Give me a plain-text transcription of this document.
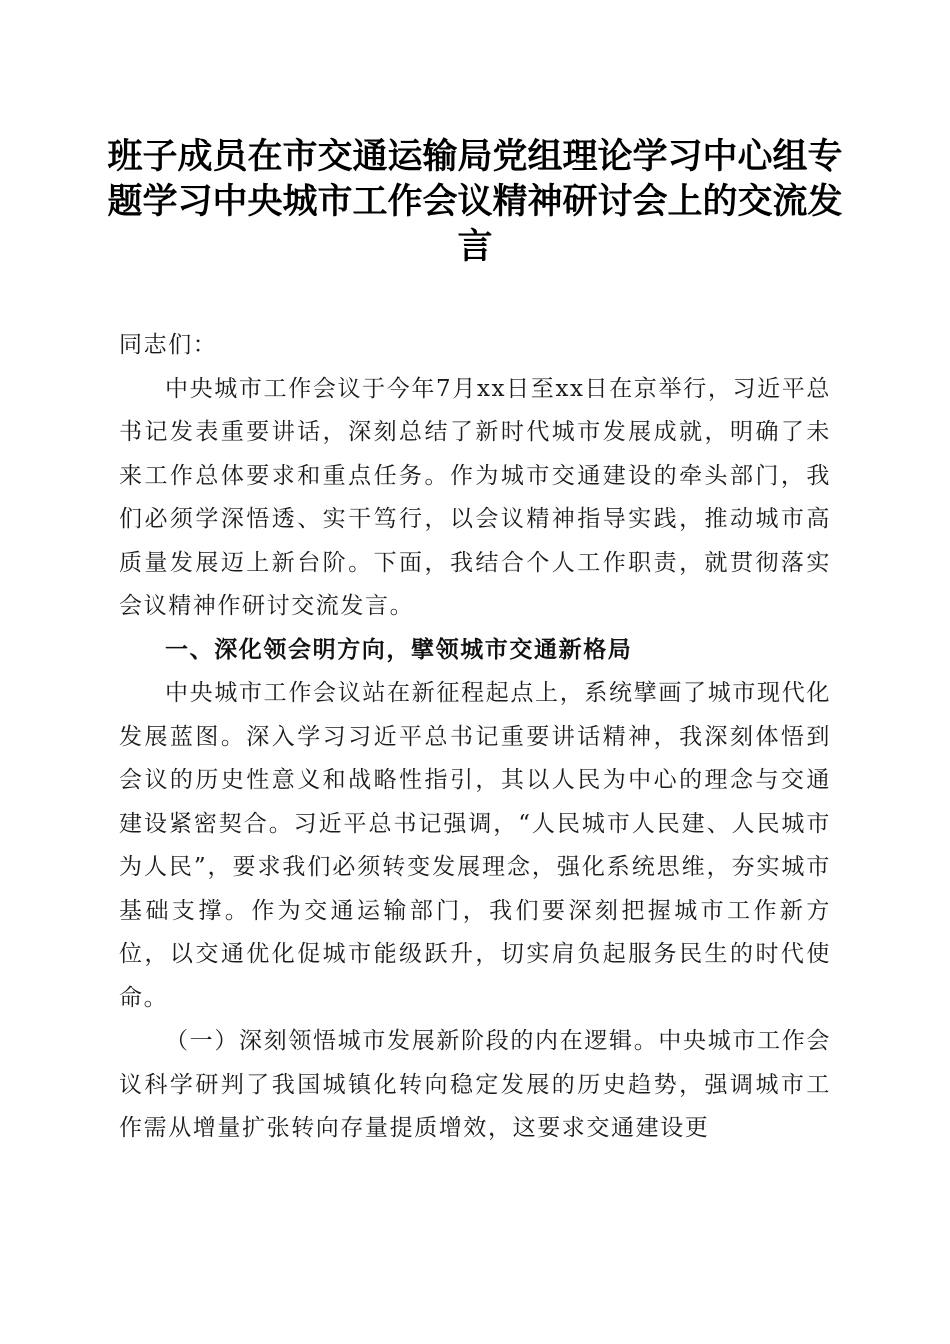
班子成员在市交通运输局党组理论学习中心组专题学习中央城市工作会议精神研讨会上的交流发言

同志们：

中央城市工作会议于今年7月xx日至xx日在京举行，习近平总书记发表重要讲话，深刻总结了新时代城市发展成就，明确了未来工作总体要求和重点任务。作为城市交通建设的牵头部门，我们必须学深悟透、实干笃行，以会议精神指导实践，推动城市高质量发展迈上新台阶。下面，我结合个人工作职责，就贯彻落实会议精神作研讨交流发言。

一、深化领会明方向，擘领城市交通新格局

中央城市工作会议站在新征程起点上，系统擘画了城市现代化发展蓝图。深入学习习近平总书记重要讲话精神，我深刻体悟到会议的历史性意义和战略性指引，其以人民为中心的理念与交通建设紧密契合。习近平总书记强调，“人民城市人民建、人民城市为人民”，要求我们必须转变发展理念，强化系统思维，夯实城市基础支撑。作为交通运输部门，我们要深刻把握城市工作新方位，以交通优化促城市能级跃升，切实肩负起服务民生的时代使命。

（一）深刻领悟城市发展新阶段的内在逻辑。中央城市工作会议科学研判了我国城镇化转向稳定发展的历史趋势，强调城市工作需从增量扩张转向存量提质增效，这要求交通建设更
